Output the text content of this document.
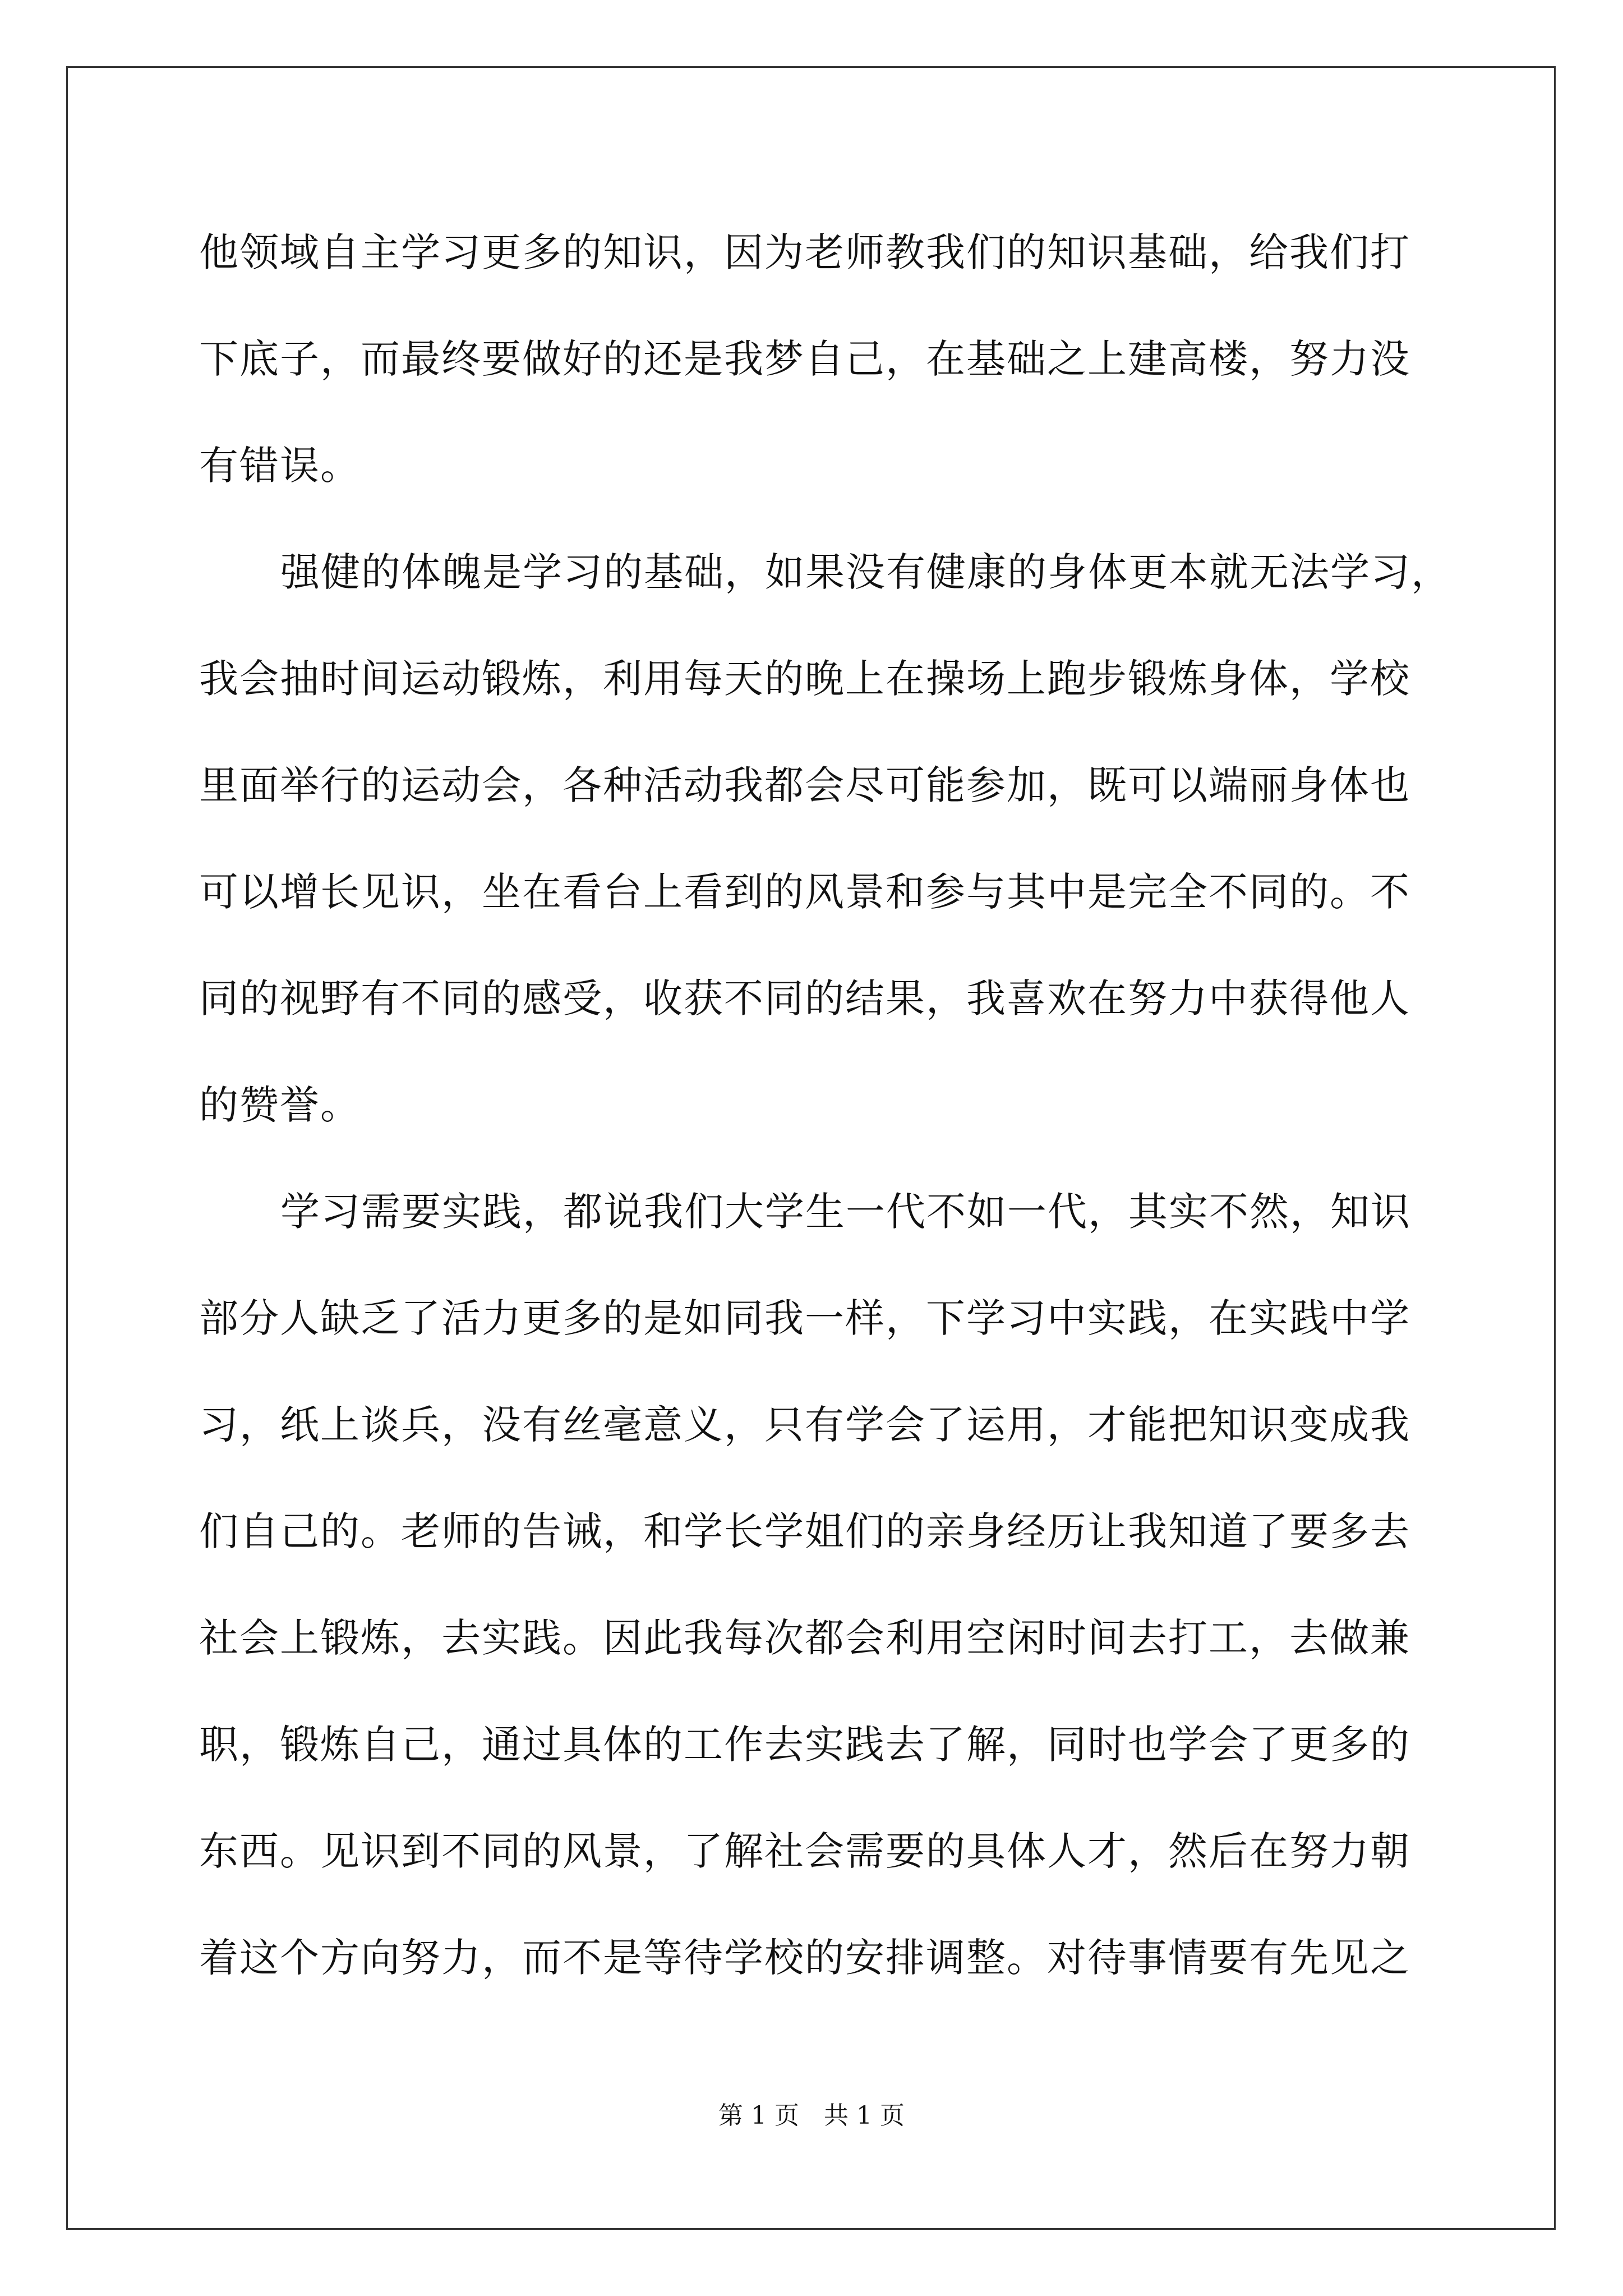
他领域自主学习更多的知识，因为老师教我们的知识基础，给我们打
下底子，而最终要做好的还是我梦自己，在基础之上建高楼，努力没
有错误。
强健的体魄是学习的基础，如果没有健康的身体更本就无法学习，
我会抽时间运动锻炼，利用每天的晚上在操场上跑步锻炼身体，学校
里面举行的运动会，各种活动我都会尽可能参加，既可以端丽身体也
可以增长见识，坐在看台上看到的风景和参与其中是完全不同的。不
同的视野有不同的感受，收获不同的结果，我喜欢在努力中获得他人
的赞誉。
学习需要实践，都说我们大学生一代不如一代，其实不然，知识
部分人缺乏了活力更多的是如同我一样，下学习中实践，在实践中学
习，纸上谈兵，没有丝毫意义，只有学会了运用，才能把知识变成我
们自己的。老师的告诫，和学长学姐们的亲身经历让我知道了要多去
社会上锻炼，去实践。因此我每次都会利用空闲时间去打工，去做兼
职，锻炼自己，通过具体的工作去实践去了解，同时也学会了更多的
东西。见识到不同的风景，了解社会需要的具体人才，然后在努力朝
着这个方向努力，而不是等待学校的安排调整。对待事情要有先见之
第 1 页　共 1 页
